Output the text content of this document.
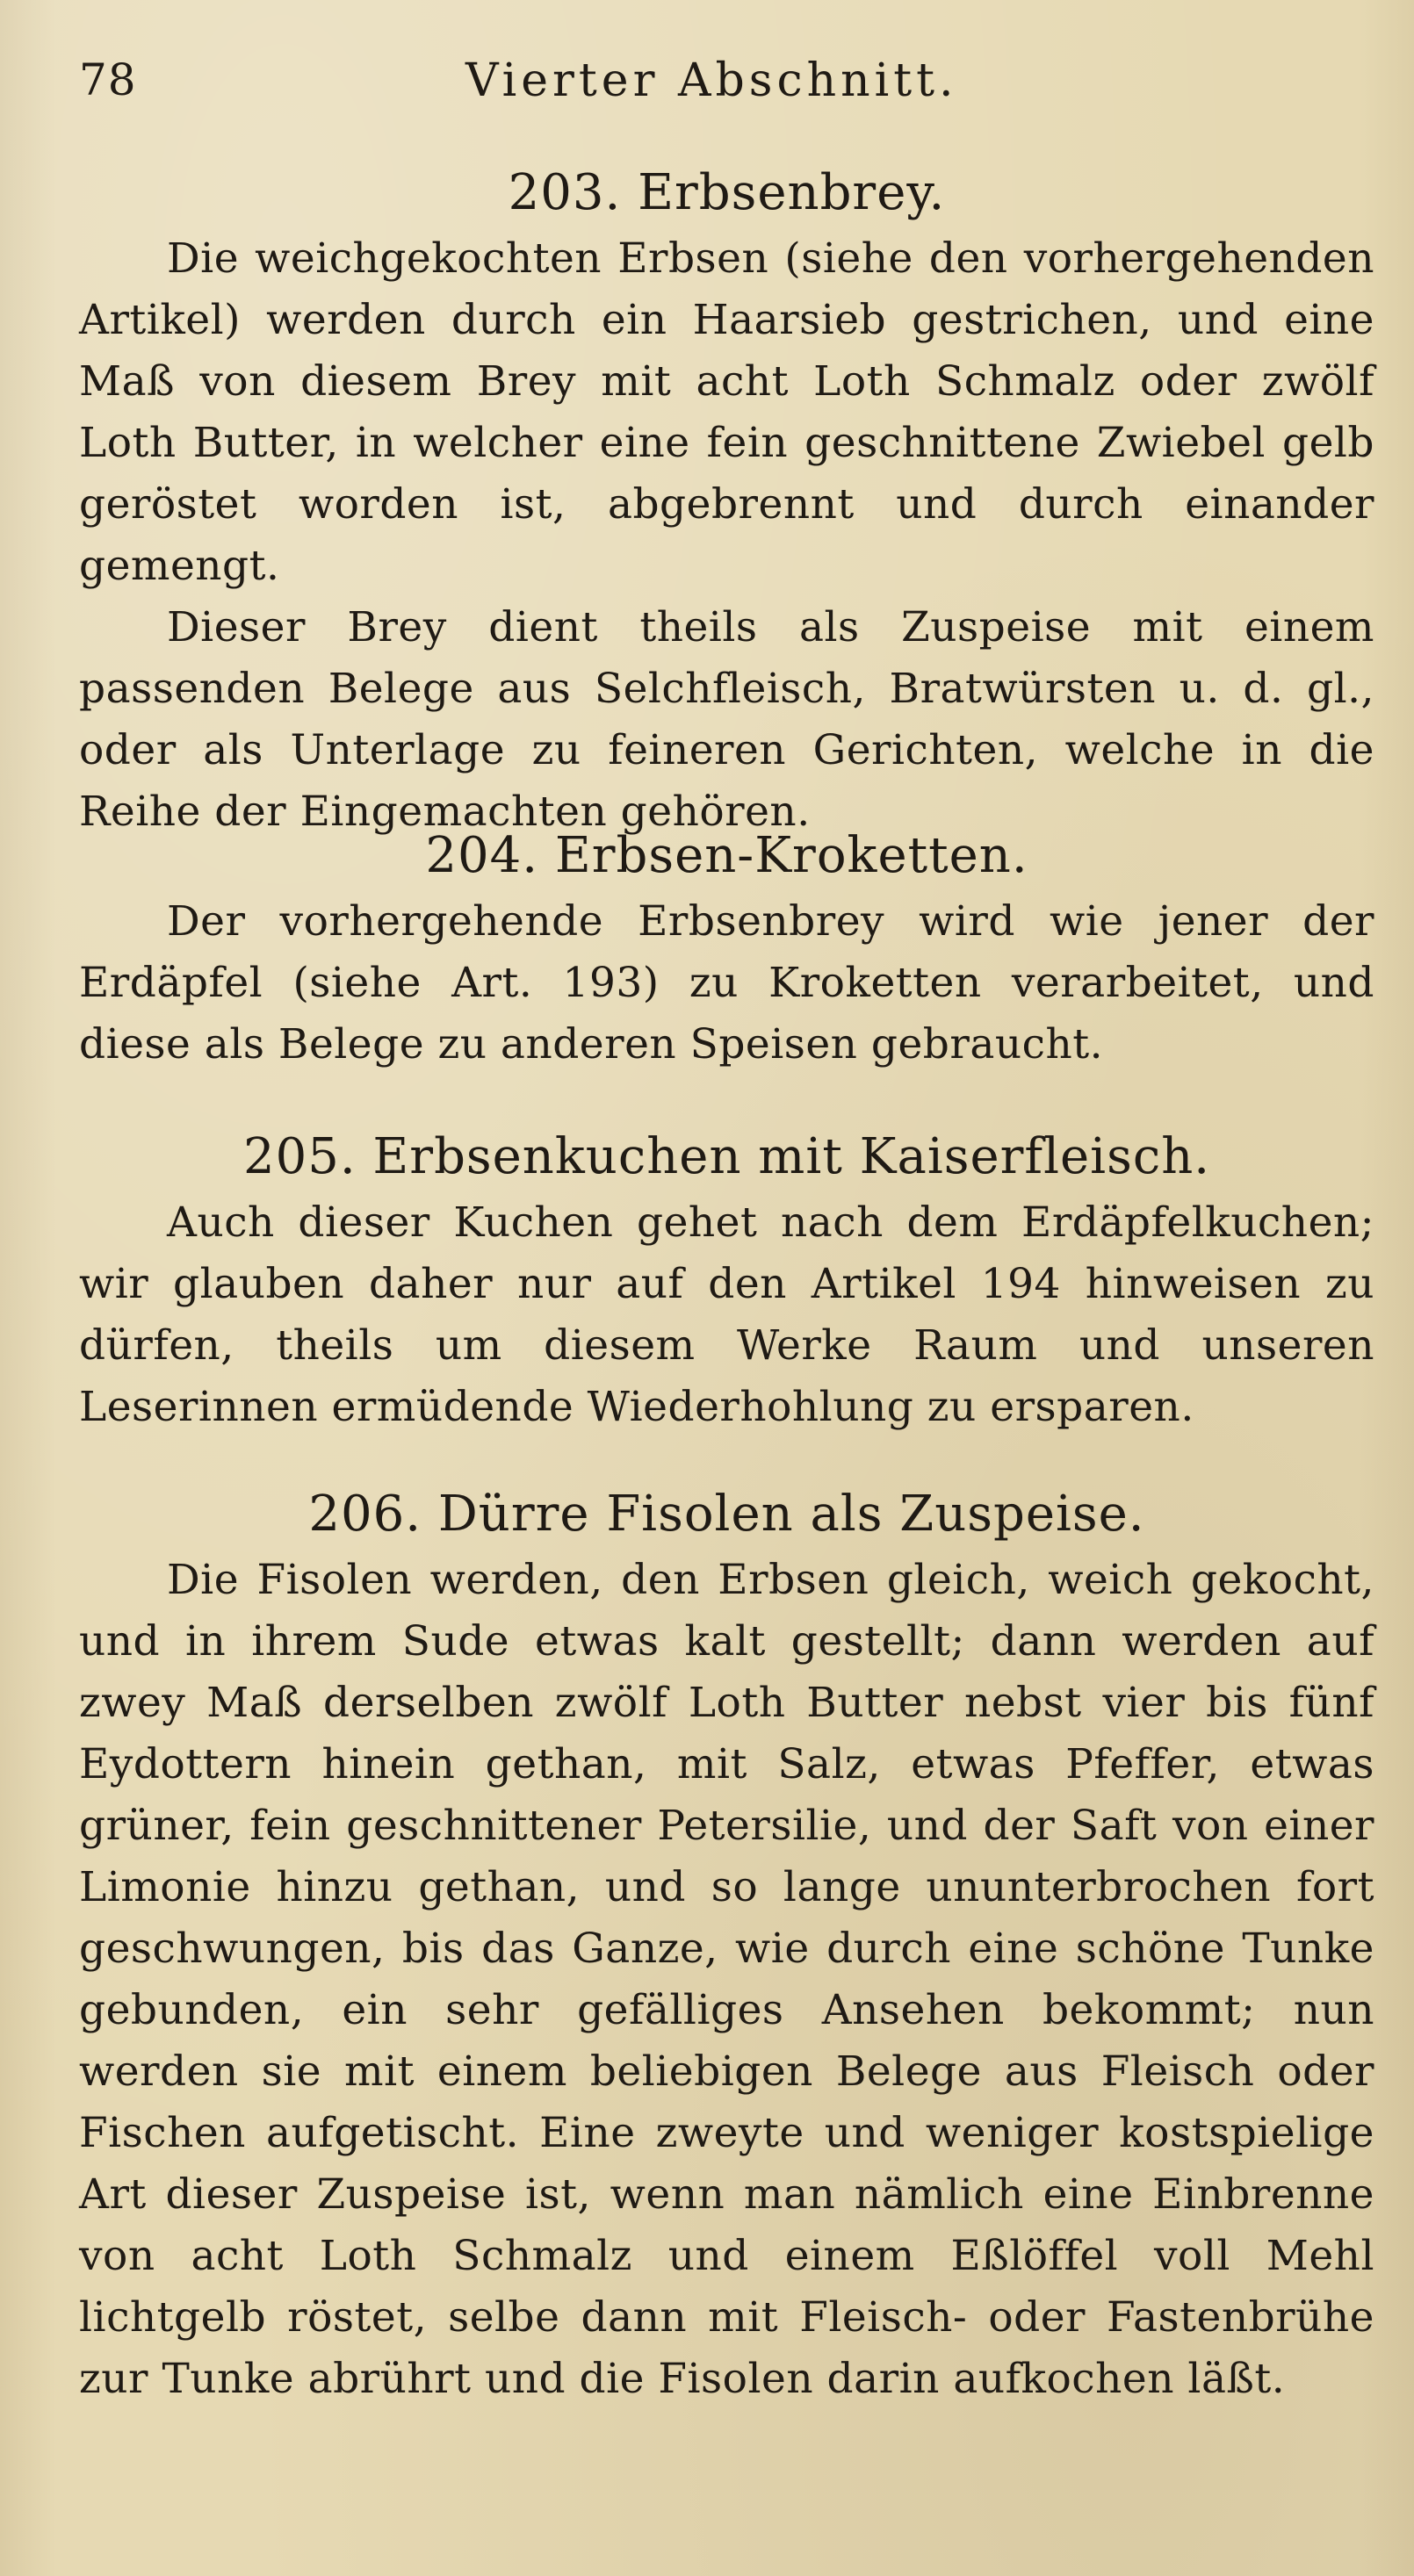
78	Vierter Abschnitt.
203. Erbsenbrey.

Die weichgekochten Erbsen (siehe den vorhergehenden Artikel) werden durch ein Haarsieb gestrichen, und eine Maß von diesem Brey mit acht Loth Schmalz oder zwölf Loth Butter, in welcher eine fein geschnittene Zwiebel gelb geröstet worden ist, abgebrennt und durch einander gemengt.

Dieser Brey dient theils als Zuspeise mit einem passenden Belege aus Selchfleisch, Bratwürsten u. d. gl., oder als Unterlage zu feineren Gerichten, welche in die Reihe der Eingemachten gehören.

204. Erbsen-Kroketten.

Der vorhergehende Erbsenbrey wird wie jener der Erdäpfel (siehe Art. 193) zu Kroketten verarbeitet, und diese als Belege zu anderen Speisen gebraucht.

205. Erbsenkuchen mit Kaiserfleisch.

Auch dieser Kuchen gehet nach dem Erdäpfelkuchen; wir glauben daher nur auf den Artikel 194 hinweisen zu dürfen, theils um diesem Werke Raum und unseren Leserinnen ermüdende Wiederhohlung zu ersparen.

206. Dürre Fisolen als Zuspeise.

Die Fisolen werden, den Erbsen gleich, weich gekocht, und in ihrem Sude etwas kalt gestellt; dann werden auf zwey Maß derselben zwölf Loth Butter nebst vier bis fünf Eydottern hinein gethan, mit Salz, etwas Pfeffer, etwas grüner, fein geschnittener Petersilie, und der Saft von einer Limonie hinzu gethan, und so lange ununterbrochen fort geschwungen, bis das Ganze, wie durch eine schöne Tunke gebunden, ein sehr gefälliges Ansehen bekommt; nun werden sie mit einem beliebigen Belege aus Fleisch oder Fischen aufgetischt. Eine zweyte und weniger kostspielige Art dieser Zuspeise ist, wenn man nämlich eine Einbrenne von acht Loth Schmalz und einem Eßlöffel voll Mehl lichtgelb röstet, selbe dann mit Fleisch- oder Fastenbrühe zur Tunke abrührt und die Fisolen darin aufkochen läßt.
